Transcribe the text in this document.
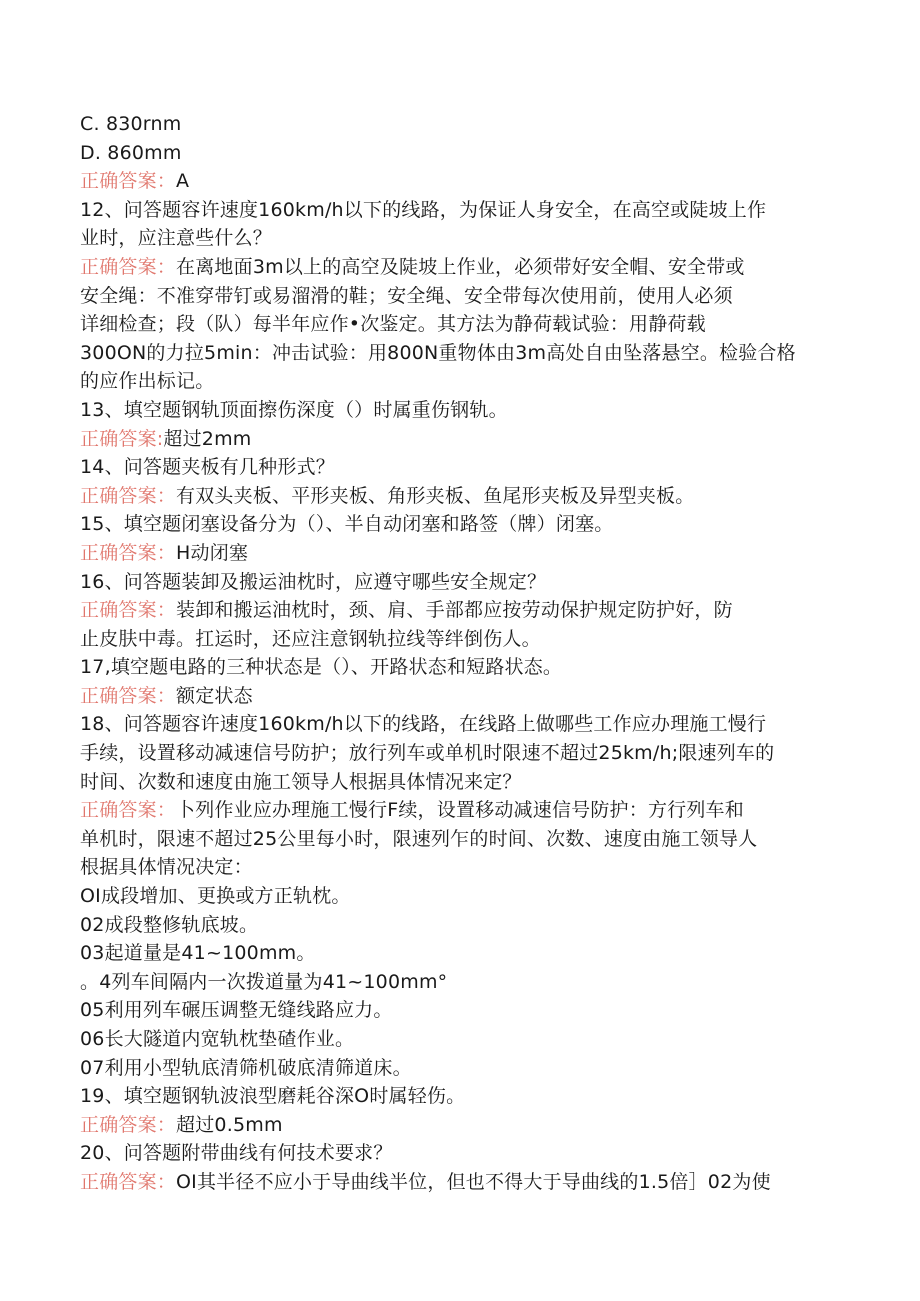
C. 830rnm
D. 860mm
正确答案：A
12、问答题容许速度160km/h以下的线路，为保证人身安全，在高空或陡坡上作
业时，应注意些什么？
正确答案：在离地面3m以上的高空及陡坡上作业，必须带好安全帽、安全带或
安全绳：不准穿带钉或易溜滑的鞋；安全绳、安全带每次使用前，使用人必须
详细检查；段（队）每半年应作•次鉴定。其方法为静荷载试验：用静荷载
300ON的力拉5min：冲击试验：用800N重物体由3m高处自由坠落悬空。检验合格
的应作出标记。
13、填空题钢轨顶面擦伤深度（）时属重伤钢轨。
正确答案:超过2mm
14、问答题夹板有几种形式？
正确答案：有双头夹板、平形夹板、角形夹板、鱼尾形夹板及异型夹板。
15、填空题闭塞设备分为（）、半自动闭塞和路签（牌）闭塞。
正确答案：H动闭塞
16、问答题装卸及搬运油枕时，应遵守哪些安全规定？
正确答案：装卸和搬运油枕时，颈、肩、手部都应按劳动保护规定防护好，防
止皮肤中毒。扛运时，还应注意钢轨拉线等绊倒伤人。
17,填空题电路的三种状态是（）、开路状态和短路状态。
正确答案：额定状态
18、问答题容许速度160km/h以下的线路，在线路上做哪些工作应办理施工慢行
手续，设置移动减速信号防护；放行列车或单机时限速不超过25km/h;限速列车的
时间、次数和速度由施工领导人根据具体情况来定？
正确答案：卜列作业应办理施工慢行F续，设置移动减速信号防护：方行列车和
单机时，限速不超过25公里每小时，限速列乍的时间、次数、速度由施工领导人
根据具体情况决定：
OI成段增加、更换或方正轨枕。
02成段整修轨底坡。
03起道量是41~100mm。
。4列车间隔内一次拨道量为41~100mm°
05利用列车碾压调整无缝线路应力。
06长大隧道内宽轨枕垫碴作业。
07利用小型轨底清筛机破底清筛道床。
19、填空题钢轨波浪型磨耗谷深O时属轻伤。
正确答案：超过0.5mm
20、问答题附带曲线有何技术要求？
正确答案：OI其半径不应小于导曲线半位，但也不得大于导曲线的1.5倍］02为使
